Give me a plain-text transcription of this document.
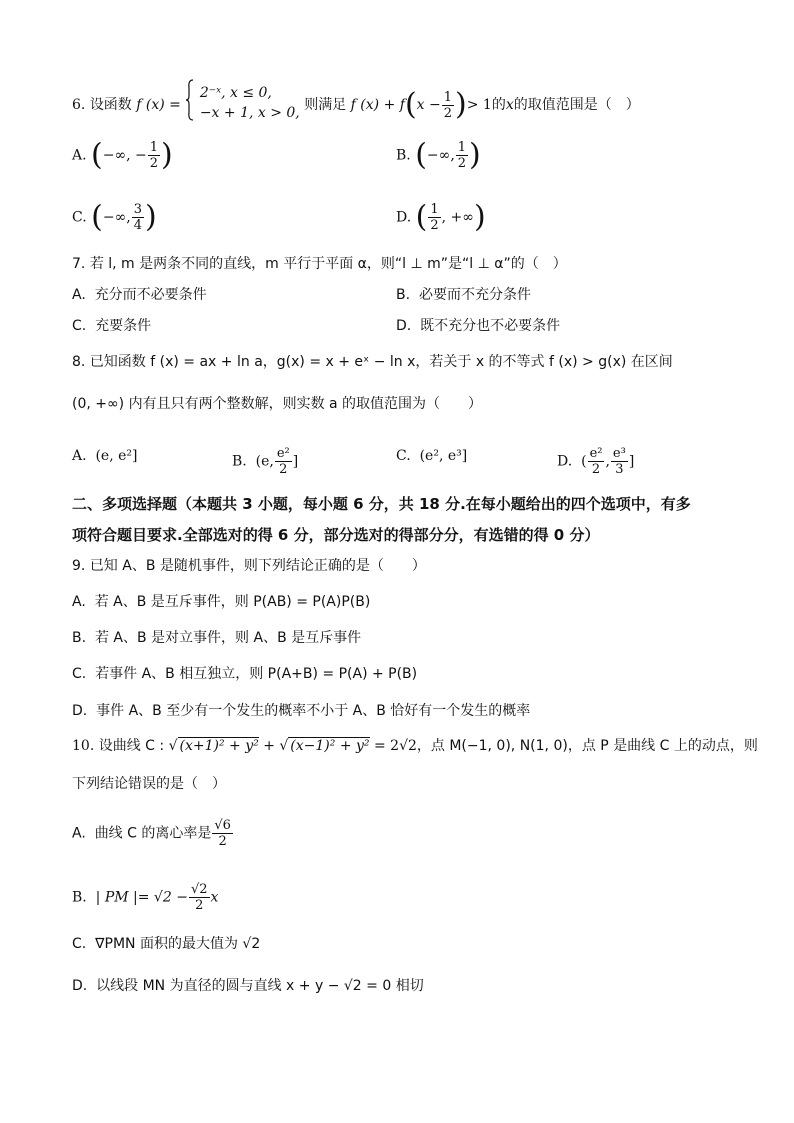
6. 设函数 f (x) =
2⁻ˣ, x ≤ 0,
−x + 1, x > 0, 则满足 f $(x) + f(x - \frac{1}{2}$ )> 1的x的取值范围是（　）
A. (−∞, − $\frac{1}{2}$ )	B. (−∞, $\frac{1}{2}$ )
C. (−∞, $\frac{3}{4}$ )	D. ( $\frac{1}{2}$ , +∞)
7. 若 l, m 是两条不同的直线，m 平行于平面 α，则“l ⊥ m”是“l ⊥ α”的（　）
A. 充分而不必要条件	B. 必要而不充分条件
C. 充要条件	D. 既不充分也不必要条件
8. 已知函数 f (x) = ax + ln a，g(x) = x + eˣ − ln x，若关于 x 的不等式 f (x) > g(x) 在区间
(0, +∞) 内有且只有两个整数解，则实数 a 的取值范围为（　　）
A. (e, e²]	B. (e, $\frac{\text{e²}}{2}$ ]	C. (e², e³]	D. ( $\frac{\text{e²}}{2}$ , $\frac{\text{e³}}{3}$ ]
二、多项选择题（本题共 3 小题，每小题 6 分，共 18 分.在每小题给出的四个选项中，有多
项符合题目要求.全部选对的得 6 分，部分选对的得部分分，有选错的得 0 分）
9. 已知 A、B 是随机事件，则下列结论正确的是（　　）
A. 若 A、B 是互斥事件，则 P(AB) = P(A)P(B)
B. 若 A、B 是对立事件，则 A、B 是互斥事件
C. 若事件 A、B 相互独立，则 P(A+B) = P(A) + P(B)
D. 事件 A、B 至少有一个发生的概率不小于 A、B 恰好有一个发生的概率
10. 设曲线 C : √ (x+1)² + y² + √ (x−1)² + y² = 2√2，点 M(−1, 0), N(1, 0)，点 P 是曲线 C 上的动点，则
下列结论错误的是（　）
A. 曲线 C 的离心率是 $\frac{√6}{2}$
B. | PM |= $√2 - \frac{√2}{2}$ x
C. ∇PMN 面积的最大值为 √2
D. 以线段 MN 为直径的圆与直线 x + y − √2 = 0 相切
